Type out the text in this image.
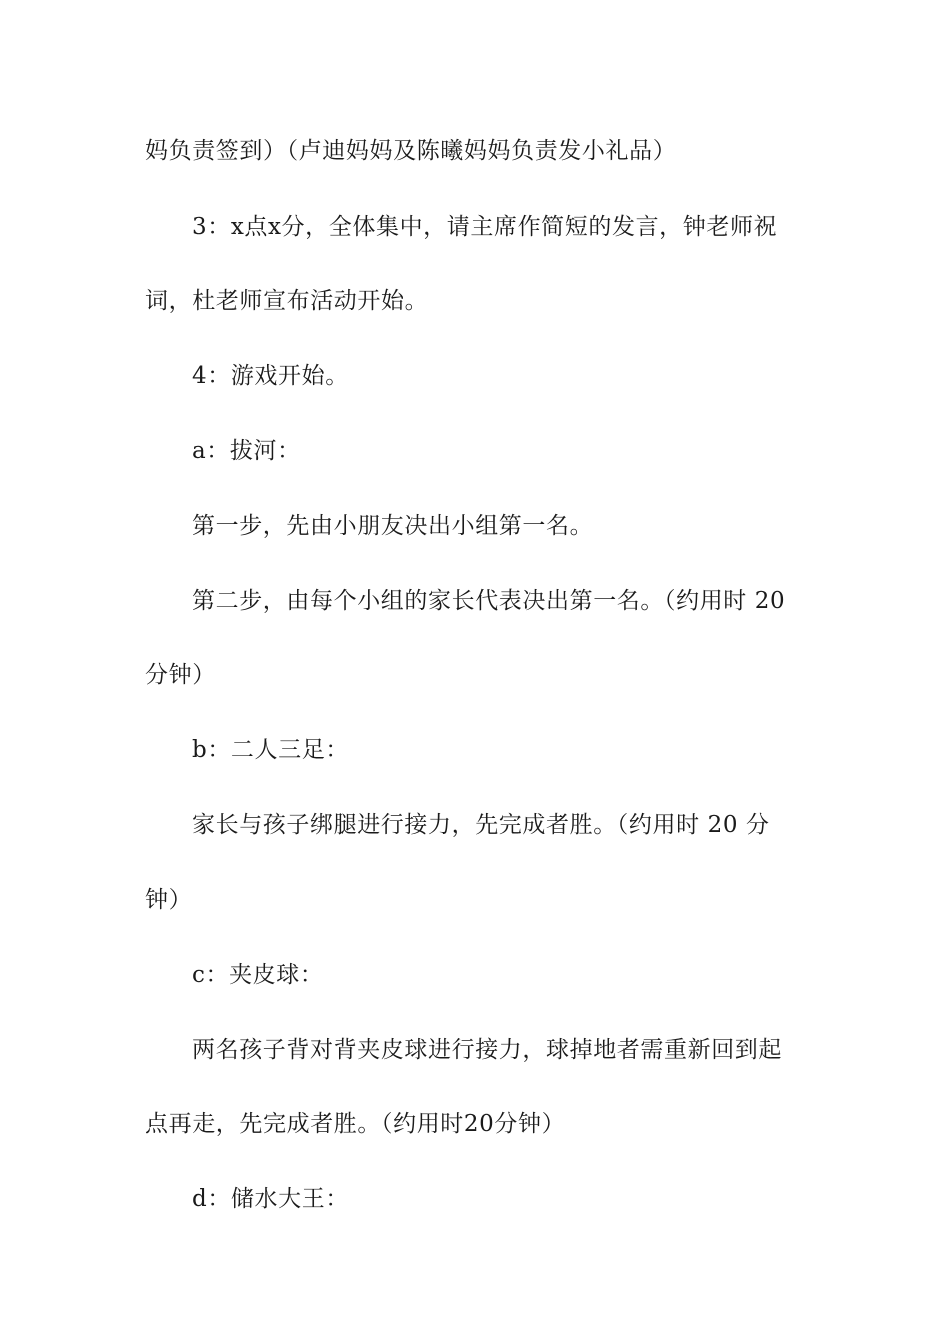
妈负责签到）（卢迪妈妈及陈曦妈妈负责发小礼品）
3：x点x分，全体集中，请主席作简短的发言，钟老师祝
词，杜老师宣布活动开始。
4：游戏开始。
a：拔河：
第一步，先由小朋友决出小组第一名。
第二步，由每个小组的家长代表决出第一名。（约用时 20
分钟）
b：二人三足：
家长与孩子绑腿进行接力，先完成者胜。（约用时 20 分
钟）
c：夹皮球：
两名孩子背对背夹皮球进行接力，球掉地者需重新回到起
点再走，先完成者胜。（约用时20分钟）
d：储水大王：
